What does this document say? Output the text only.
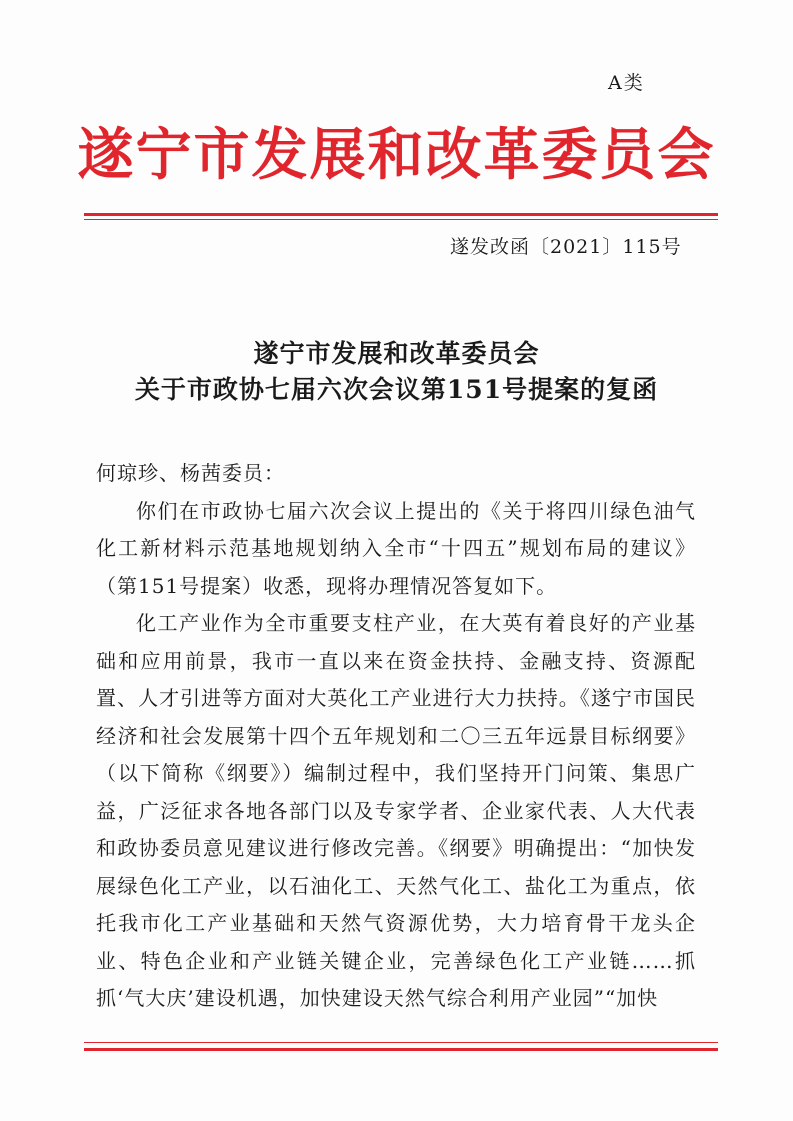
A类
遂宁市发展和改革委员会
遂发改函〔2021〕115号
遂宁市发展和改革委员会
关于市政协七届六次会议第151号提案的复函

何琼珍、杨茜委员：

你们在市政协七届六次会议上提出的《关于将四川绿色油气化工新材料示范基地规划纳入全市“十四五”规划布局的建议》（第151号提案）收悉，现将办理情况答复如下。

化工产业作为全市重要支柱产业，在大英有着良好的产业基础和应用前景，我市一直以来在资金扶持、金融支持、资源配置、人才引进等方面对大英化工产业进行大力扶持。《遂宁市国民经济和社会发展第十四个五年规划和二〇三五年远景目标纲要》（以下简称《纲要》）编制过程中，我们坚持开门问策、集思广益，广泛征求各地各部门以及专家学者、企业家代表、人大代表和政协委员意见建议进行修改完善。《纲要》明确提出：“加快发展绿色化工产业，以石油化工、天然气化工、盐化工为重点，依托我市化工产业基础和天然气资源优势，大力培育骨干龙头企业、特色企业和产业链关键企业，完善绿色化工产业链……抓抓‘气大庆’建设机遇，加快建设天然气综合利用产业园”“加快
